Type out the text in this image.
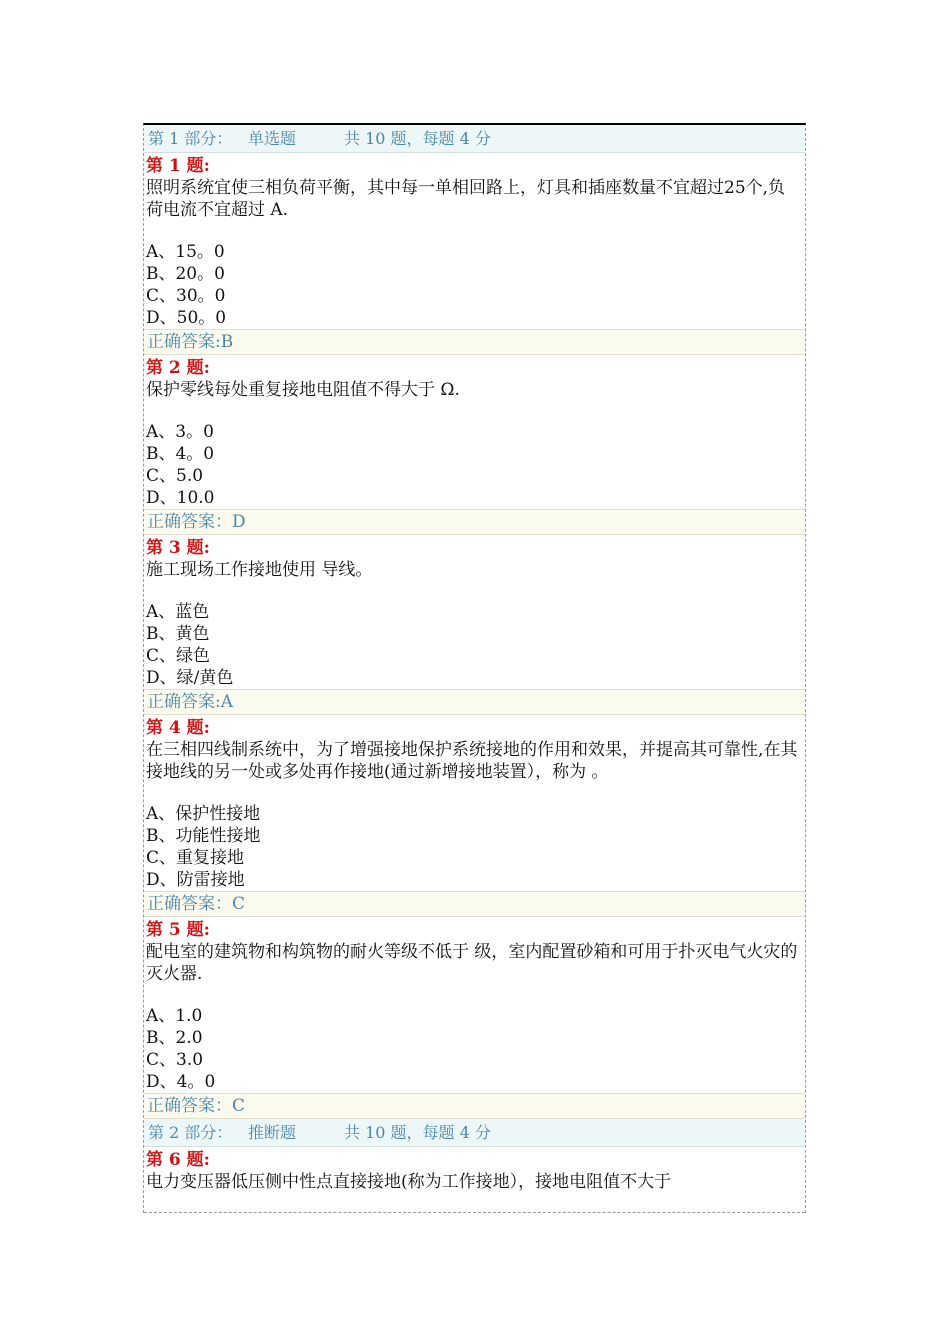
第 1 部分： 单选题	共 10 题，每题 4 分
第 1 题:
照明系统宜使三相负荷平衡，其中每一单相回路上，灯具和插座数量不宜超过25个,负荷电流不宜超过 A.
A、15。0
B、20。0
C、30。0
D、50。0
正确答案:B
第 2 题:
保护零线每处重复接地电阻值不得大于 Ω.
A、3。0
B、4。0
C、5.0
D、10.0
正确答案：D
第 3 题:
施工现场工作接地使用 导线。
A、蓝色
B、黄色
C、绿色
D、绿/黄色
正确答案:A
第 4 题:
在三相四线制系统中，为了增强接地保护系统接地的作用和效果，并提高其可靠性,在其接地线的另一处或多处再作接地(通过新增接地装置），称为 。
A、保护性接地
B、功能性接地
C、重复接地
D、防雷接地
正确答案：C
第 5 题:
配电室的建筑物和构筑物的耐火等级不低于 级，室内配置砂箱和可用于扑灭电气火灾的灭火器.
A、1.0
B、2.0
C、3.0
D、4。0
正确答案：C
第 2 部分： 推断题	共 10 题，每题 4 分
第 6 题:
电力变压器低压侧中性点直接接地(称为工作接地），接地电阻值不大于
